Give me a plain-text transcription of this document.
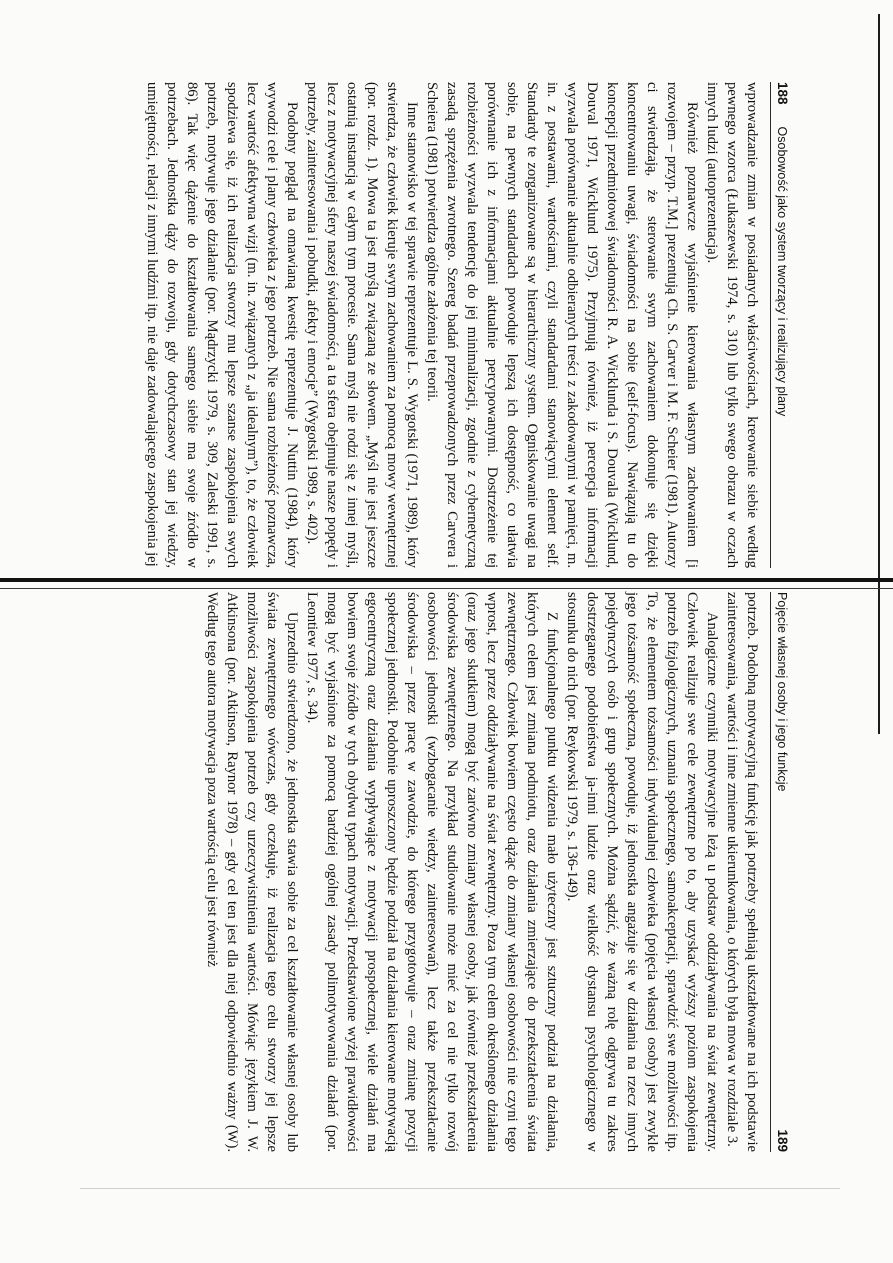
188
Osobowość jako system tworzący i realizujący plany

wprowadzanie zmian w posiadanych właściwościach, kreowanie siebie według pewnego wzorca (Łukaszewski 1974, s. 310) lub tylko swego obrazu w oczach innych ludzi (autoprezentacja).

Również poznawcze wyjaśnienie kierowania własnym zachowaniem [i rozwojem – przyp. T.M.] prezentują Ch. S. Carver i M. F. Scheier (1981). Autorzy ci stwierdzają, że sterowanie swym zachowaniem dokonuje się dzięki koncentrowaniu uwagi, świadomości na sobie (self-focus). Nawiązują tu do koncepcji przedmiotowej świadomości R. A. Wicklunda i S. Douvala (Wicklund, Douval 1971, Wicklund 1975). Przyjmują również, iż percepcja informacji wyzwala porównanie aktualnie odbieranych treści z zakodowanymi w pamięci, m. in. z postawami, wartościami, czyli standardami stanowiącymi element self. Standardy te zorganizowane są w hierarchiczny system. Ogniskowanie uwagi na sobie, na pewnych standardach powoduje lepszą ich dostępność, co ułatwia porównanie ich z informacjami aktualnie percypowanymi. Dostrzeżenie tej rozbieżności wyzwala tendencję do jej minimalizacji, zgodnie z cybernetyczną zasadą sprzężenia zwrotnego. Szereg badań przeprowadzonych przez Carvera i Scheiera (1981) potwierdza ogólne założenia tej teorii.

Inne stanowisko w tej sprawie reprezentuje L. S. Wygotski (1971, 1989), który stwierdza, że człowiek kieruje swym zachowaniem za pomocą mowy wewnętrznej (por. rozdz. 1). Mowa ta jest myślą związaną ze słowem. „Myśl nie jest jeszcze ostatnią instancją w całym tym procesie. Sama myśl nie rodzi się z innej myśli, lecz z motywacyjnej sfery naszej świadomości, a ta sfera obejmuje nasze popędy i potrzeby, zainteresowania i pobudki, afekty i emocje” (Wygotski 1989, s. 402).

Podobny pogląd na omawianą kwestię reprezentuje J. Nuttin (1984), który wywodzi cele i plany człowieka z jego potrzeb. Nie sama rozbieżność poznawcza, lecz wartość afektywna wizji (m. in. związanych z „ja idealnym”), to, że człowiek spodziewa się, iż ich realizacja stworzy mu lepsze szanse zaspokojenia swych potrzeb, motywuje jego działanie (por. Mądrzycki 1979, s. 309, Zaleski 1991, s. 86). Tak więc dążenie do kształtowania samego siebie ma swoje źródło w potrzebach. Jednostka dąży do rozwoju, gdy dotychczasowy stan jej wiedzy, umiejętności, relacji z innymi ludźmi itp. nie daje zadowalającego zaspokojenia jej

Pojęcie własnej osoby i jego funkcje
189

potrzeb. Podobną motywacyjną funkcję jak potrzeby spełniają ukształtowane na ich podstawie zainteresowania, wartości i inne zmienne ukierunkowania, o których była mowa w rozdziale 3.

Analogiczne czynniki motywacyjne leżą u podstaw oddziaływania na świat zewnętrzny. Człowiek realizuje swe cele zewnętrzne po to, aby uzyskać wyższy poziom zaspokojenia potrzeb fizjologicznych, uznania społecznego, samoakceptacji, sprawdzić swe możliwości itp. To, że elementem tożsamości indywidualnej człowieka (pojęcia własnej osoby) jest zwykle jego tożsamość społeczna, powoduje, iż jednostka angażuje się w działania na rzecz innych pojedynczych osób i grup społecznych. Można sądzić, że ważną rolę odgrywa tu zakres dostrzeganego podobieństwa ja-inni ludzie oraz wielkość dystansu psychologicznego w stosunku do nich (por. Reykowski 1979, s. 136-149).

Z funkcjonalnego punktu widzenia mało użyteczny jest sztuczny podział na działania, których celem jest zmiana podmiotu, oraz działania zmierzające do przekształcenia świata zewnętrznego. Człowiek bowiem często dążąc do zmiany własnej osobowości nie czyni tego wprost, lecz przez oddziaływanie na świat zewnętrzny. Poza tym celem określonego działania (oraz jego skutkiem) mogą być zarówno zmiany własnej osoby, jak również przekształcenia środowiska zewnętrznego. Na przykład studiowanie może mieć za cel nie tylko rozwój osobowości jednostki (wzbogacanie wiedzy, zainteresowań), lecz także przekształcanie środowiska – przez pracę w zawodzie, do którego przygotowuje – oraz zmianę pozycji społecznej jednostki. Podobnie uproszczony będzie podział na działania kierowane motywacją egocentryczną oraz działania wypływające z motywacji prospołecznej, wiele działań ma bowiem swoje źródło w tych obydwu typach motywacji. Przedstawione wyżej prawidłowości mogą być wyjaśnione za pomocą bardziej ogólnej zasady polimotywowania działań (por. Leontiew 1977, s. 34).

Uprzednio stwierdzono, że jednostka stawia sobie za cel kształtowanie własnej osoby lub świata zewnętrznego wówczas, gdy oczekuje, iż realizacja tego celu stworzy jej lepsze możliwości zaspokojenia potrzeb czy urzeczywistnienia wartości. Mówiąc językiem J. W. Atkinsona (por. Atkinson, Raynor 1978) – gdy cel ten jest dla niej odpowiednio ważny (W). Według tego autora motywacja poza wartością celu jest również
